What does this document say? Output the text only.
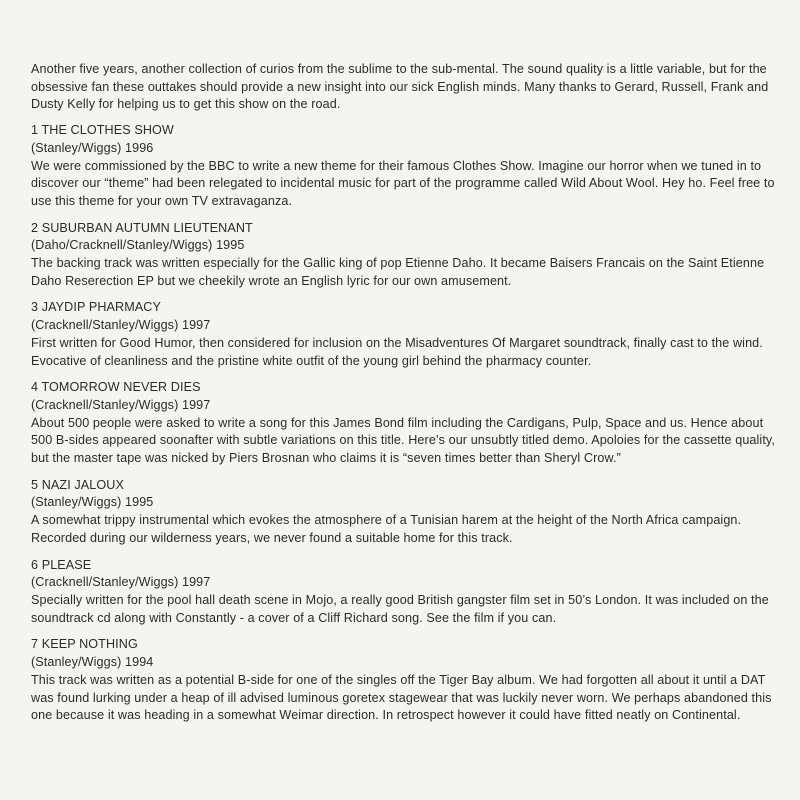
Another five years, another collection of curios from the sublime to the sub-mental. The sound quality is a little variable, but for the obsessive fan these outtakes should provide a new insight into our sick English minds. Many thanks to Gerard, Russell, Frank and Dusty Kelly for helping us to get this show on the road.
1 THE CLOTHES SHOW
(Stanley/Wiggs) 1996
We were commissioned by the BBC to write a new theme for their famous Clothes Show. Imagine our horror when we tuned in to discover our “theme” had been relegated to incidental music for part of the programme called Wild About Wool. Hey ho. Feel free to use this theme for your own TV extravaganza.
2 SUBURBAN AUTUMN LIEUTENANT
(Daho/Cracknell/Stanley/Wiggs) 1995
The backing track was written especially for the Gallic king of pop Etienne Daho. It became Baisers Francais on the Saint Etienne Daho Reserection EP but we cheekily wrote an English lyric for our own amusement.
3 JAYDIP PHARMACY
(Cracknell/Stanley/Wiggs) 1997
First written for Good Humor, then considered for inclusion on the Misadventures Of Margaret soundtrack, finally cast to the wind. Evocative of cleanliness and the pristine white outfit of the young girl behind the pharmacy counter.
4 TOMORROW NEVER DIES
(Cracknell/Stanley/Wiggs) 1997
About 500 people were asked to write a song for this James Bond film including the Cardigans, Pulp, Space and us. Hence about 500 B-sides appeared soonafter with subtle variations on this title. Here’s our unsubtly titled demo. Apoloies for the cassette quality, but the master tape was nicked by Piers Brosnan who claims it is “seven times better than Sheryl Crow.”
5 NAZI JALOUX
(Stanley/Wiggs) 1995
A somewhat trippy instrumental which evokes the atmosphere of a Tunisian harem at the height of the North Africa campaign. Recorded during our wilderness years, we never found a suitable home for this track.
6 PLEASE
(Cracknell/Stanley/Wiggs) 1997
Specially written for the pool hall death scene in Mojo, a really good British gangster film set in 50’s London. It was included on the soundtrack cd along with Constantly - a cover of a Cliff Richard song. See the film if you can.
7 KEEP NOTHING
(Stanley/Wiggs) 1994
This track was written as a potential B-side for one of the singles off the Tiger Bay album. We had forgotten all about it until a DAT was found lurking under a heap of ill advised luminous goretex stagewear that was luckily never worn. We perhaps abandoned this one because it was heading in a somewhat Weimar direction. In retrospect however it could have fitted neatly on Continental.
